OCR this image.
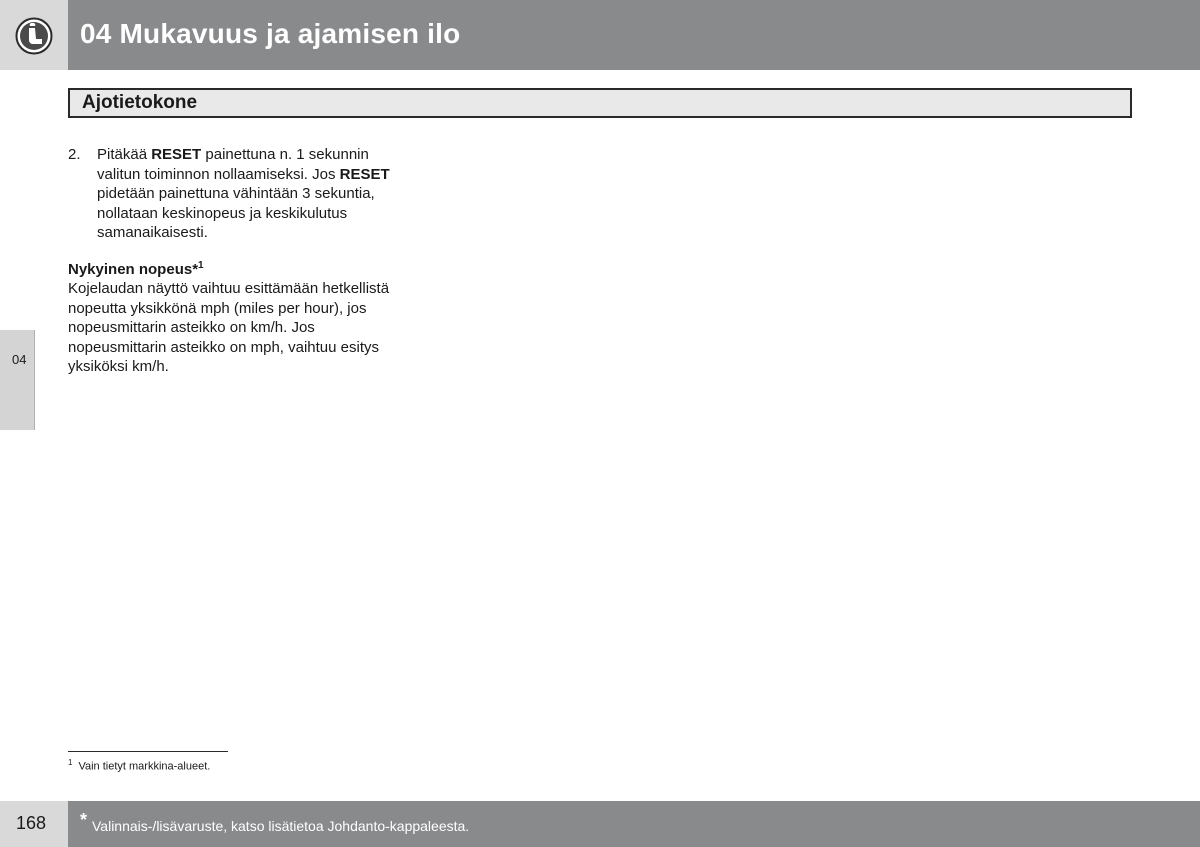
04 Mukavuus ja ajamisen ilo
Ajotietokone
04
2.	Pitäkää RESET painettuna n. 1 sekunnin valitun toiminnon nollaamiseksi. Jos RESET pidetään painettuna vähintään 3 sekuntia, nollataan keskinopeus ja keskikulutus samanaikaisesti.
Nykyinen nopeus*$^1$

Kojelaudan näyttö vaihtuu esittämään hetkellistä nopeutta yksikkönä mph (miles per hour), jos nopeusmittarin asteikko on km/h. Jos nopeusmittarin asteikko on mph, vaihtuu esitys yksiköksi km/h.

$^1$ Vain tietyt markkina-alueet.
168 * Valinnais-/lisävaruste, katso lisätietoa Johdanto-kappaleesta.
